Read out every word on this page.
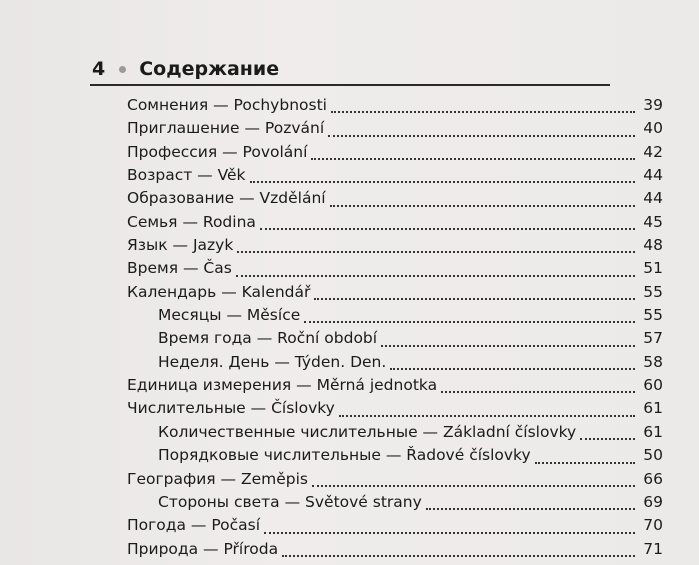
4 Содержание
Сомнения — Pochybnosti	39
Приглашение — Pozvání	40
Профессия — Povolání	42
Возраст — Věk	44
Образование — Vzdělání	44
Семья — Rodina	45
Язык — Jazyk	48
Время — Čas	51
Календарь — Kalendář	55
Месяцы — Měsíce	55
Время года — Roční období	57
Неделя. День — Týden. Den.	58
Единица измерения — Měrná jednotka	60
Числительные — Číslovky	61
Количественные числительные — Základní číslovky	61
Порядковые числительные — Řadové číslovky	50
География — Zeměpis	66
Стороны света — Světové strany	69
Погода — Počasí	70
Природа — Příroda	71
